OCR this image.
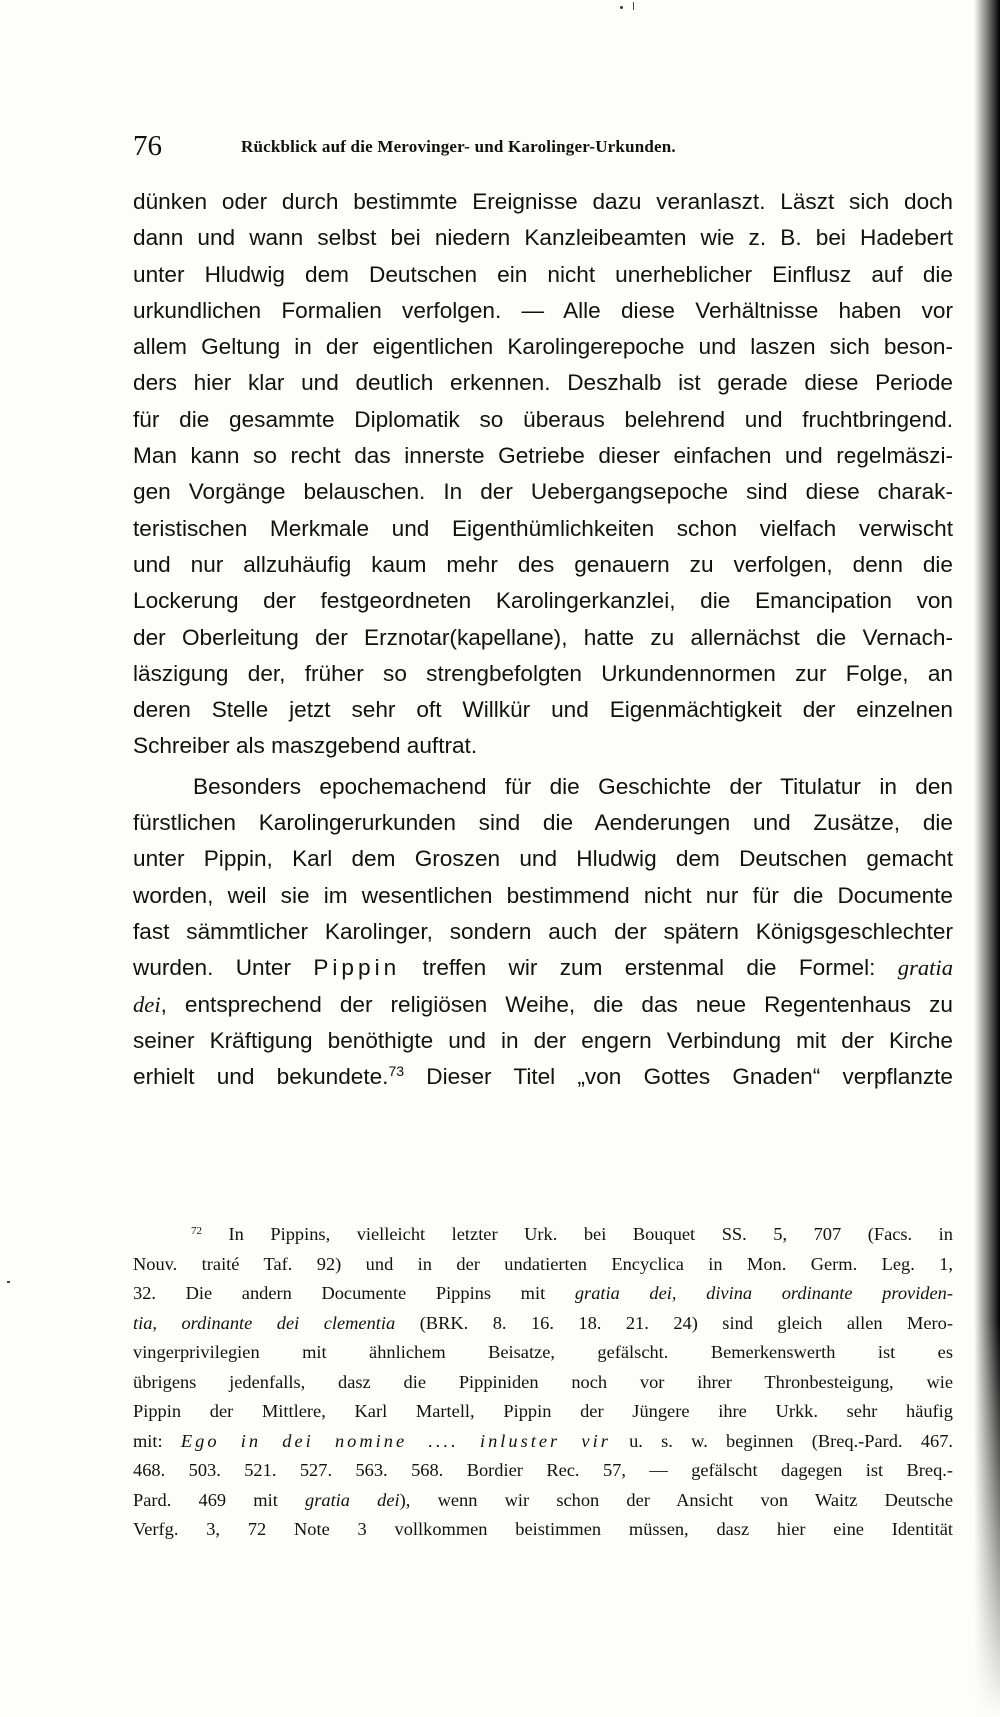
76	Rückblick auf die Merovinger- und Karolinger-Urkunden.
dünken oder durch bestimmte Ereignisse dazu veranlaszt. Läszt sich doch
dann und wann selbst bei niedern Kanzleibeamten wie z. B. bei Hadebert
unter Hludwig dem Deutschen ein nicht unerheblicher Einflusz auf die
urkundlichen Formalien verfolgen. — Alle diese Verhältnisse haben vor
allem Geltung in der eigentlichen Karolingerepoche und laszen sich beson-
ders hier klar und deutlich erkennen. Deszhalb ist gerade diese Periode
für die gesammte Diplomatik so überaus belehrend und fruchtbringend.
Man kann so recht das innerste Getriebe dieser einfachen und regelmäszi-
gen Vorgänge belauschen. In der Uebergangsepoche sind diese charak-
teristischen Merkmale und Eigenthümlichkeiten schon vielfach verwischt
und nur allzuhäufig kaum mehr des genauern zu verfolgen, denn die
Lockerung der festgeordneten Karolingerkanzlei, die Emancipation von
der Oberleitung der Erznotar(kapellane), hatte zu allernächst die Vernach-
läszigung der, früher so strengbefolgten Urkundennormen zur Folge, an
deren Stelle jetzt sehr oft Willkür und Eigenmächtigkeit der einzelnen
Schreiber als maszgebend auftrat.
Besonders epochemachend für die Geschichte der Titulatur in den
fürstlichen Karolingerurkunden sind die Aenderungen und Zusätze, die
unter Pippin, Karl dem Groszen und Hludwig dem Deutschen gemacht
worden, weil sie im wesentlichen bestimmend nicht nur für die Documente
fast sämmtlicher Karolinger, sondern auch der spätern Königsgeschlechter
wurden. Unter Pippin treffen wir zum erstenmal die Formel: gratia
dei, entsprechend der religiösen Weihe, die das neue Regentenhaus zu
seiner Kräftigung benöthigte und in der engern Verbindung mit der Kirche
erhielt und bekundete.$^{73}$ Dieser Titel „von Gottes Gnaden“ verpflanzte
$^{72}$ In Pippins, vielleicht letzter Urk. bei Bouquet SS. 5, 707 (Facs. in
Nouv. traité Taf. 92) und in der undatierten Encyclica in Mon. Germ. Leg. 1,
32. Die andern Documente Pippins mit gratia dei, divina ordinante providen-
tia, ordinante dei clementia (BRK. 8. 16. 18. 21. 24) sind gleich allen Mero-
vingerprivilegien mit ähnlichem Beisatze, gefälscht. Bemerkenswerth ist es
übrigens jedenfalls, dasz die Pippiniden noch vor ihrer Thronbesteigung, wie
Pippin der Mittlere, Karl Martell, Pippin der Jüngere ihre Urkk. sehr häufig
mit: Ego in dei nomine .... inluster vir u. s. w. beginnen (Breq.-Pard. 467.
468. 503. 521. 527. 563. 568. Bordier Rec. 57, — gefälscht dagegen ist Breq.-
Pard. 469 mit gratia dei), wenn wir schon der Ansicht von Waitz Deutsche
Verfg. 3, 72 Note 3 vollkommen beistimmen müssen, dasz hier eine Identität
